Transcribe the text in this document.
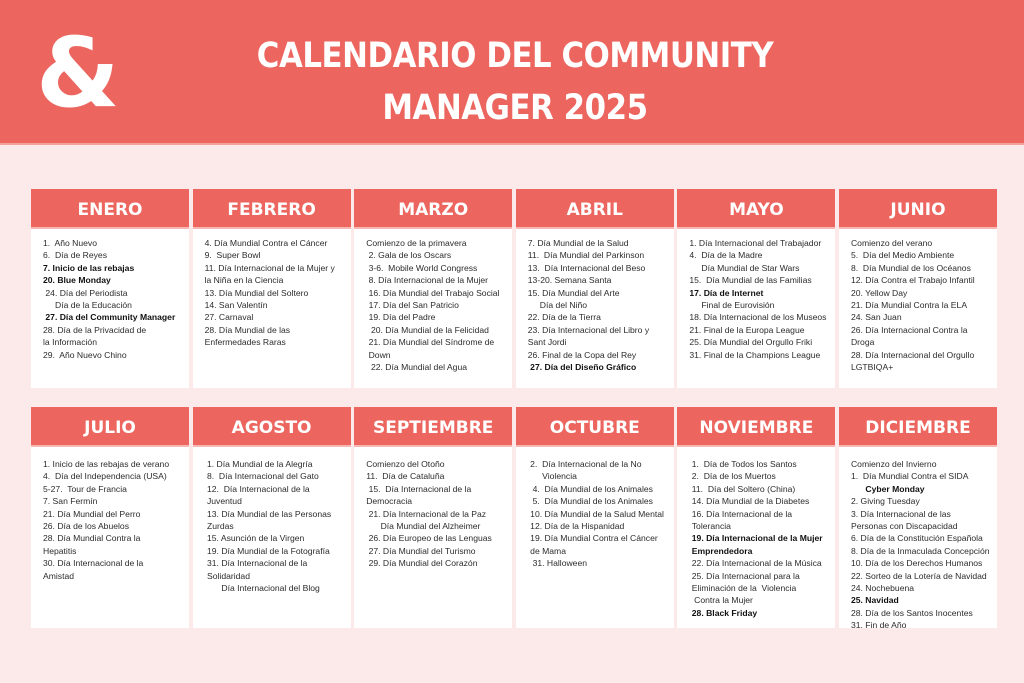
&	CALENDARIO DEL COMMUNITY MANAGER 2025
ENERO
1.  Año Nuevo
6.  Día de Reyes
7. Inicio de las rebajas
20. Blue Monday
24. Día del Periodista
Día de la Educación
27. Día del Community Manager
28. Día de la Privacidad de
la Información
29.  Año Nuevo Chino
FEBRERO
4. Día Mundial Contra el Cáncer
9.  Super Bowl
11. Día Internacional de la Mujer y
la Niña en la Ciencia
13. Día Mundial del Soltero
14. San Valentín
27. Carnaval
28. Día Mundial de las
Enfermedades Raras
MARZO
Comienzo de la primavera
2. Gala de los Oscars
3-6.  Mobile World Congress
8. Día Internacional de la Mujer
16. Día Mundial del Trabajo Social
17. Día del San Patricio
19. Día del Padre
20. Día Mundial de la Felicidad
21. Día Mundial del Síndrome de
Down
22. Día Mundial del Agua
ABRIL
7. Día Mundial de la Salud
11.  Día Mundial del Parkinson
13.  Día Internacional del Beso
13-20. Semana Santa
15. Día Mundial del Arte
Día del Niño
22. Día de la Tierra
23. Día Internacional del Libro y
Sant Jordi
26. Final de la Copa del Rey
27. Día del Diseño Gráfico
MAYO
1. Día Internacional del Trabajador
4.  Día de la Madre
Día Mundial de Star Wars
15.  Día Mundial de las Familias
17. Día de Internet
Final de Eurovisión
18. Día Internacional de los Museos
21. Final de la Europa League
25. Día Mundial del Orgullo Friki
31. Final de la Champions League
JUNIO
Comienzo del verano
5.  Día del Medio Ambiente
8.  Día Mundial de los Océanos
12. Día Contra el Trabajo Infantil
20. Yellow Day
21. Día Mundial Contra la ELA
24. San Juan
26. Día Internacional Contra la
Droga
28. Día Internacional del Orgullo
LGTBIQA+
JULIO
1. Inicio de las rebajas de verano
4.  Día del Independencia (USA)
5-27.  Tour de Francia
7. San Fermín
21. Día Mundial del Perro
26. Día de los Abuelos
28. Día Mundial Contra la
Hepatitis
30. Día Internacional de la
Amistad
AGOSTO
1. Día Mundial de la Alegría
8.  Día Internacional del Gato
12.  Día Internacional de la
Juventud
13. Día Mundial de las Personas
Zurdas
15. Asunción de la Virgen
19. Día Mundial de la Fotografía
31. Día Internacional de la
Solidaridad
Día Internacional del Blog
SEPTIEMBRE
Comienzo del Otoño
11.  Día de Cataluña
15.  Día Internacional de la
Democracia
21. Día Internacional de la Paz
Día Mundial del Alzheimer
26. Día Europeo de las Lenguas
27. Día Mundial del Turismo
29. Día Mundial del Corazón
OCTUBRE
2.  Día Internacional de la No
Violencia
4.  Día Mundial de los Animales
5.  Día Mundial de los Animales
10. Día Mundial de la Salud Mental
12. Día de la Hispanidad
19. Día Mundial Contra el Cáncer
de Mama
31. Halloween
NOVIEMBRE
1.  Día de Todos los Santos
2.  Día de los Muertos
11.  Día del Soltero (China)
14. Día Mundial de la Diabetes
16. Día Internacional de la
Tolerancia
19. Día Internacional de la Mujer
Emprendedora
22. Día Internacional de la Música
25. Día Internacional para la
Eliminación de la  Violencia
Contra la Mujer
28. Black Friday
DICIEMBRE
Comienzo del Invierno
1.  Día Mundial Contra el SIDA
Cyber Monday
2. Giving Tuesday
3. Día Internacional de las
Personas con Discapacidad
6. Día de la Constitución Española
8. Día de la Inmaculada Concepción
10. Día de los Derechos Humanos
22. Sorteo de la Lotería de Navidad
24. Nochebuena
25. Navidad
28. Día de los Santos Inocentes
31. Fin de Año
